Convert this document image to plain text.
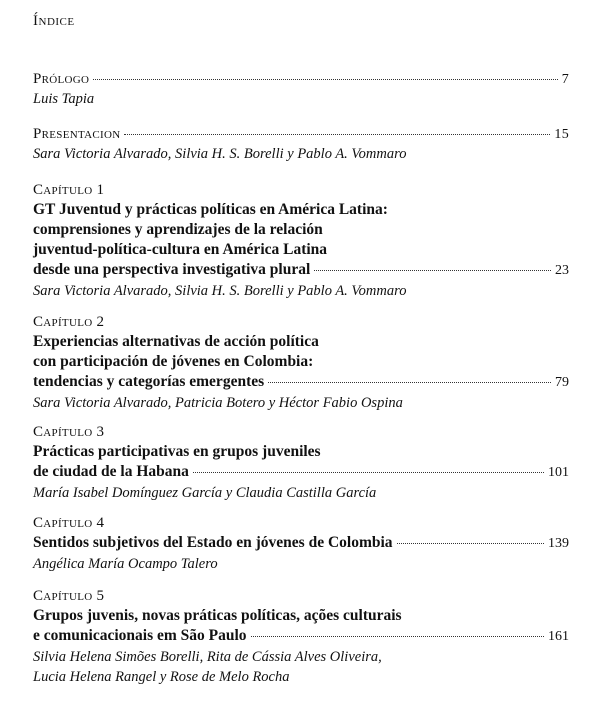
Índice
Prólogo	7
Luis Tapia
Presentacion	15
Sara Victoria Alvarado, Silvia H. S. Borelli y Pablo A. Vommaro
Capítulo 1
GT Juventud y prácticas políticas en América Latina:
comprensiones y aprendizajes de la relación
juventud-política-cultura en América Latina
desde una perspectiva investigativa plural	23
Sara Victoria Alvarado, Silvia H. S. Borelli y Pablo A. Vommaro
Capítulo 2
Experiencias alternativas de acción política
con participación de jóvenes en Colombia:
tendencias y categorías emergentes	79
Sara Victoria Alvarado, Patricia Botero y Héctor Fabio Ospina
Capítulo 3
Prácticas participativas en grupos juveniles
de ciudad de la Habana	101
María Isabel Domínguez García y Claudia Castilla García
Capítulo 4
Sentidos subjetivos del Estado en jóvenes de Colombia	139
Angélica María Ocampo Talero
Capítulo 5
Grupos juvenis, novas práticas políticas, ações culturais
e comunicacionais em São Paulo	161
Silvia Helena Simões Borelli, Rita de Cássia Alves Oliveira,
Lucia Helena Rangel y Rose de Melo Rocha
